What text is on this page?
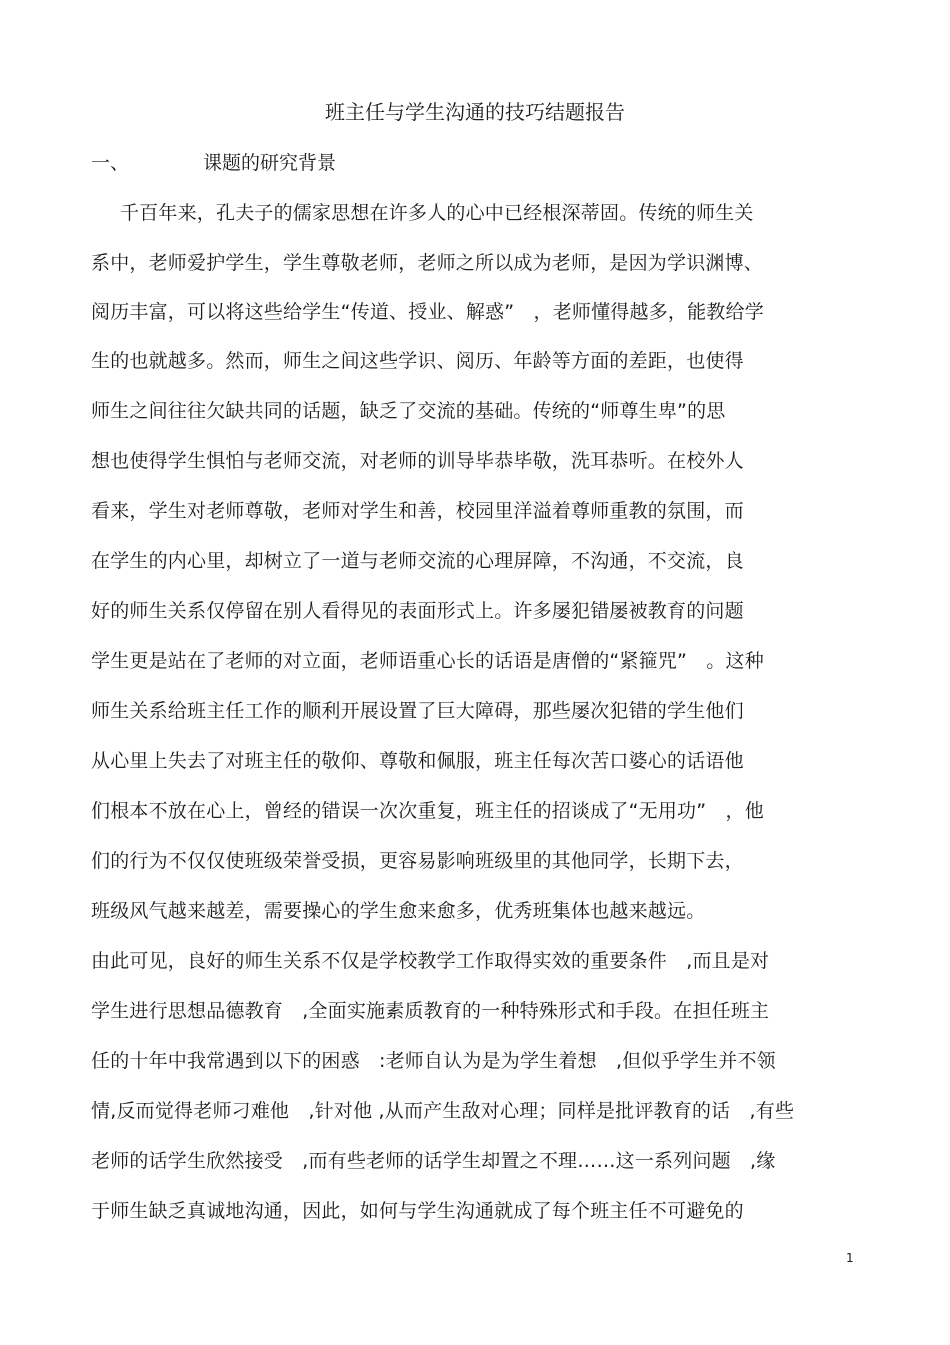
班主任与学生沟通的技巧结题报告
一、	课题的研究背景
千百年来，孔夫子的儒家思想在许多人的心中已经根深蒂固。传统的师生关
系中，老师爱护学生，学生尊敬老师，老师之所以成为老师，是因为学识渊博、
阅历丰富，可以将这些给学生“传道、授业、解惑”　，老师懂得越多，能教给学
生的也就越多。然而，师生之间这些学识、阅历、年龄等方面的差距，也使得
师生之间往往欠缺共同的话题，缺乏了交流的基础。传统的“师尊生卑”的思
想也使得学生惧怕与老师交流，对老师的训导毕恭毕敬，洗耳恭听。在校外人
看来，学生对老师尊敬，老师对学生和善，校园里洋溢着尊师重教的氛围，而
在学生的内心里，却树立了一道与老师交流的心理屏障，不沟通，不交流，良
好的师生关系仅停留在别人看得见的表面形式上。许多屡犯错屡被教育的问题
学生更是站在了老师的对立面，老师语重心长的话语是唐僧的“紧箍咒”　。这种
师生关系给班主任工作的顺利开展设置了巨大障碍，那些屡次犯错的学生他们
从心里上失去了对班主任的敬仰、尊敬和佩服，班主任每次苦口婆心的话语他
们根本不放在心上，曾经的错误一次次重复，班主任的招谈成了“无用功”　，他
们的行为不仅仅使班级荣誉受损，更容易影响班级里的其他同学，长期下去，
班级风气越来越差，需要操心的学生愈来愈多，优秀班集体也越来越远。
由此可见，良好的师生关系不仅是学校教学工作取得实效的重要条件　,而且是对
学生进行思想品德教育　,全面实施素质教育的一种特殊形式和手段。在担任班主
任的十年中我常遇到以下的困惑　:老师自认为是为学生着想　,但似乎学生并不领
情,反而觉得老师刁难他　,针对他 ,从而产生敌对心理；同样是批评教育的话　,有些
老师的话学生欣然接受　,而有些老师的话学生却置之不理……这一系列问题　,缘
于师生缺乏真诚地沟通，因此，如何与学生沟通就成了每个班主任不可避免的
1
